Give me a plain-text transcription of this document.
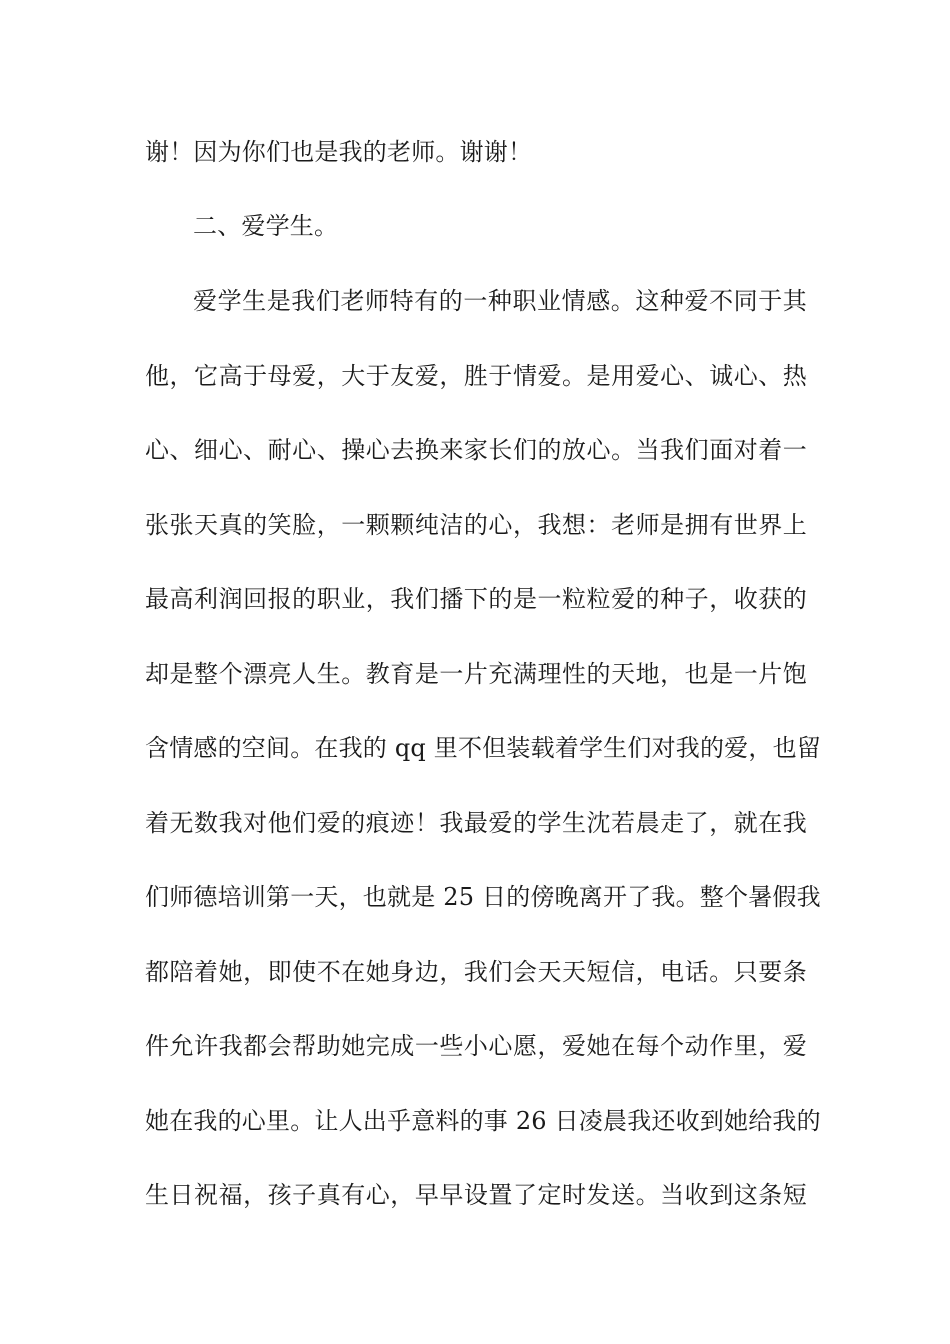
谢！因为你们也是我的老师。谢谢！
二、爱学生。
爱学生是我们老师特有的一种职业情感。这种爱不同于其
他，它高于母爱，大于友爱，胜于情爱。是用爱心、诚心、热
心、细心、耐心、操心去换来家长们的放心。当我们面对着一
张张天真的笑脸，一颗颗纯洁的心，我想：老师是拥有世界上
最高利润回报的职业，我们播下的是一粒粒爱的种子，收获的
却是整个漂亮人生。教育是一片充满理性的天地，也是一片饱
含情感的空间。在我的 qq 里不但装载着学生们对我的爱，也留
着无数我对他们爱的痕迹！我最爱的学生沈若晨走了，就在我
们师德培训第一天，也就是 25 日的傍晚离开了我。整个暑假我
都陪着她，即使不在她身边，我们会天天短信，电话。只要条
件允许我都会帮助她完成一些小心愿，爱她在每个动作里，爱
她在我的心里。让人出乎意料的事 26 日凌晨我还收到她给我的
生日祝福，孩子真有心，早早设置了定时发送。当收到这条短
